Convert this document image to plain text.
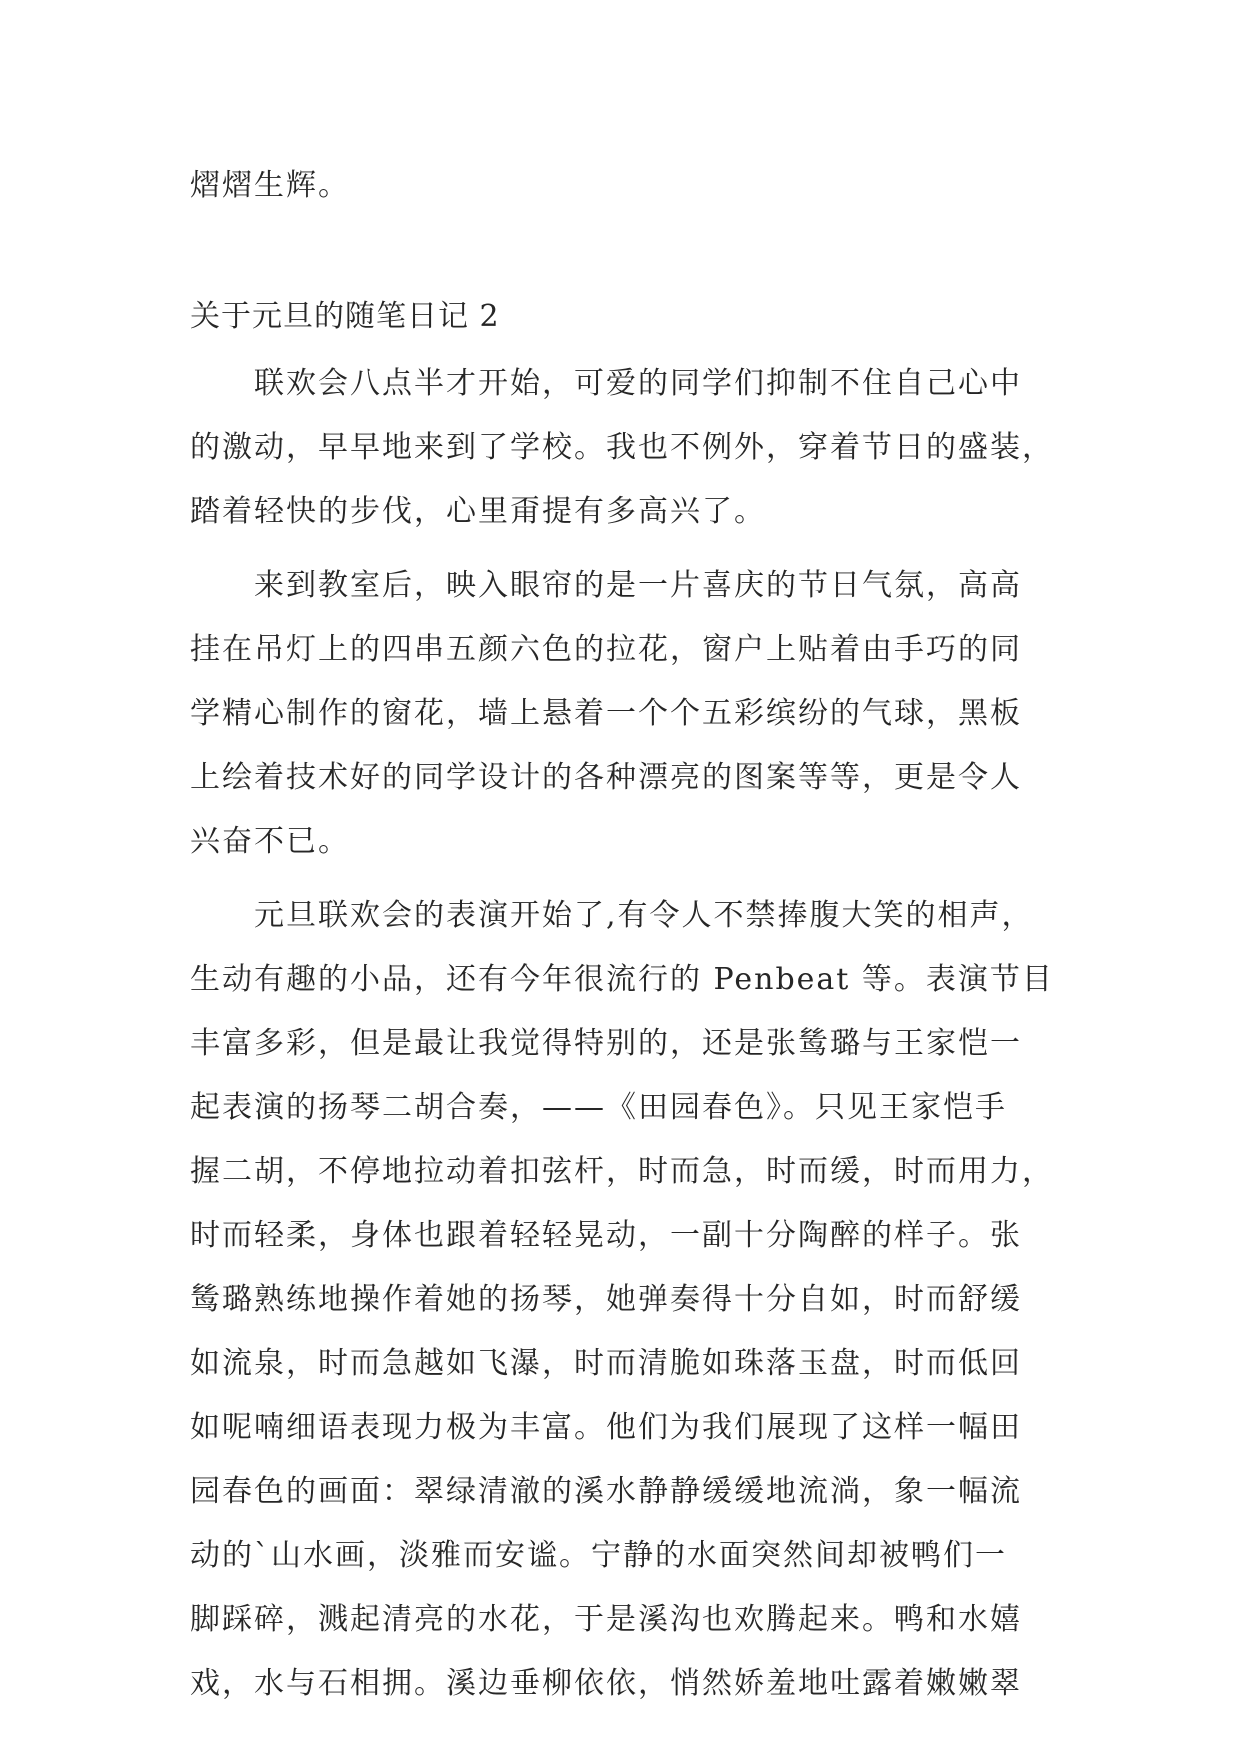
熠熠生辉。
关于元旦的随笔日记 2
联欢会八点半才开始，可爱的同学们抑制不住自己心中
的激动，早早地来到了学校。我也不例外，穿着节日的盛装，
踏着轻快的步伐，心里甭提有多高兴了。
来到教室后，映入眼帘的是一片喜庆的节日气氛，高高
挂在吊灯上的四串五颜六色的拉花，窗户上贴着由手巧的同
学精心制作的窗花，墙上悬着一个个五彩缤纷的气球，黑板
上绘着技术好的同学设计的各种漂亮的图案等等，更是令人
兴奋不已。
元旦联欢会的表演开始了,有令人不禁捧腹大笑的相声，
生动有趣的小品，还有今年很流行的 Penbeat 等。表演节目
丰富多彩，但是最让我觉得特别的，还是张鸶璐与王家恺一
起表演的扬琴二胡合奏，——《田园春色》。只见王家恺手
握二胡，不停地拉动着扣弦杆，时而急，时而缓，时而用力，
时而轻柔，身体也跟着轻轻晃动，一副十分陶醉的样子。张
鸶璐熟练地操作着她的扬琴，她弹奏得十分自如，时而舒缓
如流泉，时而急越如飞瀑，时而清脆如珠落玉盘，时而低回
如呢喃细语表现力极为丰富。他们为我们展现了这样一幅田
园春色的画面：翠绿清澈的溪水静静缓缓地流淌，象一幅流
动的`山水画，淡雅而安谧。宁静的水面突然间却被鸭们一
脚踩碎，溅起清亮的水花，于是溪沟也欢腾起来。鸭和水嬉
戏，水与石相拥。溪边垂柳依依，悄然娇羞地吐露着嫩嫩翠
